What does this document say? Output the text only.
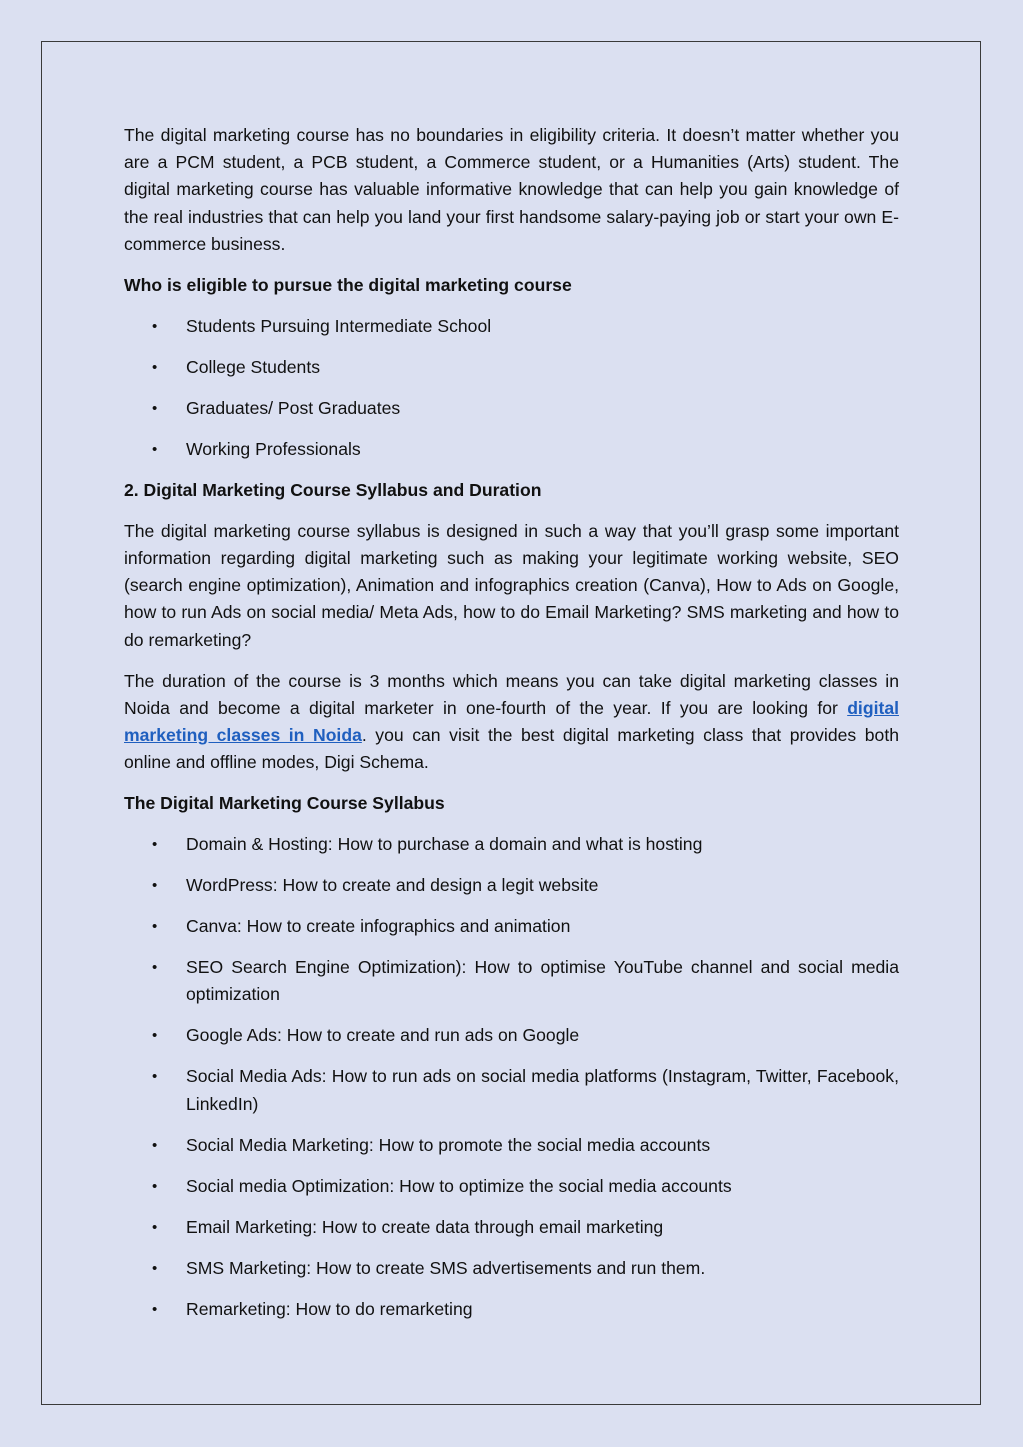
The digital marketing course has no boundaries in eligibility criteria. It doesn’t matter whether you are a PCM student, a PCB student, a Commerce student, or a Humanities (Arts) student. The digital marketing course has valuable informative knowledge that can help you gain knowledge of the real industries that can help you land your first handsome salary-paying job or start your own E-commerce business.

Who is eligible to pursue the digital marketing course

• Students Pursuing Intermediate School
• College Students
• Graduates/ Post Graduates
• Working Professionals

2. Digital Marketing Course Syllabus and Duration

The digital marketing course syllabus is designed in such a way that you’ll grasp some important information regarding digital marketing such as making your legitimate working website, SEO (search engine optimization), Animation and infographics creation (Canva), How to Ads on Google, how to run Ads on social media/ Meta Ads, how to do Email Marketing? SMS marketing and how to do remarketing?

The duration of the course is 3 months which means you can take digital marketing classes in Noida and become a digital marketer in one-fourth of the year. If you are looking for digital marketing classes in Noida. you can visit the best digital marketing class that provides both online and offline modes, Digi Schema.

The Digital Marketing Course Syllabus

• Domain & Hosting: How to purchase a domain and what is hosting
• WordPress: How to create and design a legit website
• Canva: How to create infographics and animation
• SEO Search Engine Optimization): How to optimise YouTube channel and social media optimization
• Google Ads: How to create and run ads on Google
• Social Media Ads: How to run ads on social media platforms (Instagram, Twitter, Facebook, LinkedIn)
• Social Media Marketing: How to promote the social media accounts
• Social media Optimization: How to optimize the social media accounts
• Email Marketing: How to create data through email marketing
• SMS Marketing: How to create SMS advertisements and run them.
• Remarketing: How to do remarketing
